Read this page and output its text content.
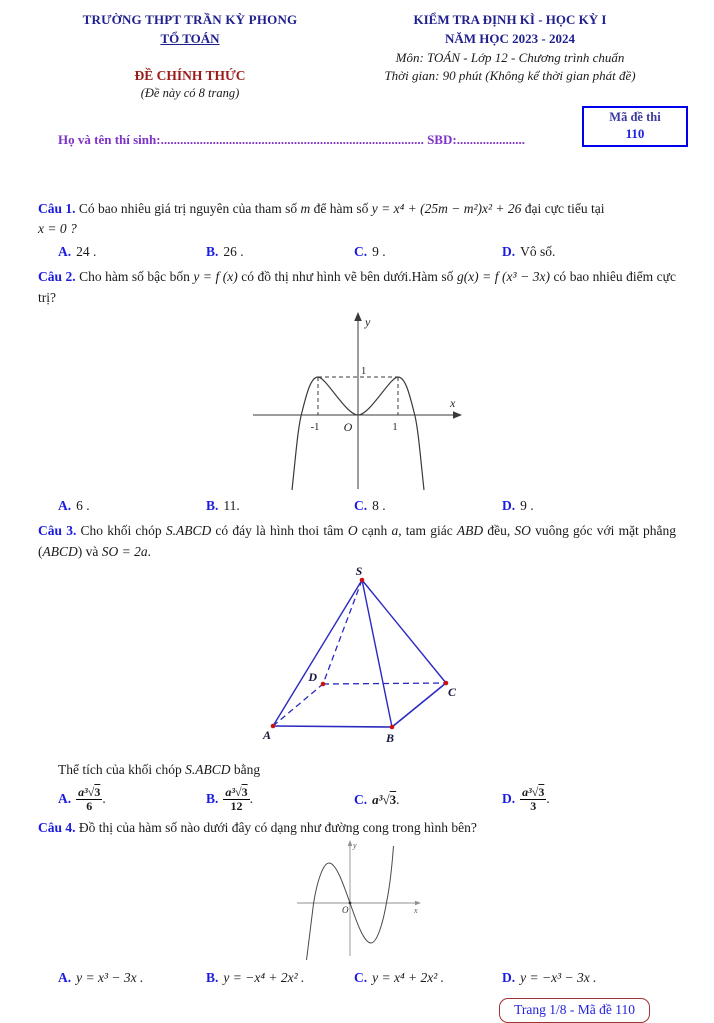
TRƯỜNG THPT TRẦN KỲ PHONG
TỔ TOÁN
ĐỀ CHÍNH THỨC
(Đề này có 8 trang)
KIỂM TRA ĐỊNH KÌ - HỌC KỲ I
NĂM HỌC 2023 - 2024
Môn: TOÁN - Lớp 12 - Chương trình chuẩn
Thời gian: 90 phút (Không kể thời gian phát đề)
Mã đề thi
110
Họ và tên thí sinh:................................................................................. SBD:.....................

Câu 1. Có bao nhiêu giá trị nguyên của tham số m để hàm số y = x⁴ + (25m − m²)x² + 26 đại cực tiểu tại

x = 0 ?

A. 24 .	B. 26 .	C. 9 .	D. Vô số.

Câu 2. Cho hàm số bậc bốn y = f (x) có đồ thị như hình vẽ bên dưới.Hàm số g(x) = f (x³ − 3x) có bao nhiêu điểm cực trị?

y
x
1
-1	1
O
A. 6 .	B. 11.	C. 8 .	D. 9 .

Câu 3. Cho khối chóp S.ABCD có đáy là hình thoi tâm O cạnh a, tam giác ABD đều, SO vuông góc với mặt phẳng (ABCD) và SO = 2a.

S
A	B
C
D

Thể tích của khối chóp S.ABCD bằng

A. $\frac{\text{a³√3}}{6}$ .	B. $\frac{\text{a³√3}}{12}$ .	C. a³√3.	D. $\frac{\text{a³√3}}{3}$ .

Câu 4. Đồ thị của hàm số nào dưới đây có dạng như đường cong trong hình bên?

y
x
O
A. y = x³ − 3x .	B. y = −x⁴ + 2x² .	C. y = x⁴ + 2x² .	D. y = −x³ − 3x .
Trang 1/8 - Mã đề 110
